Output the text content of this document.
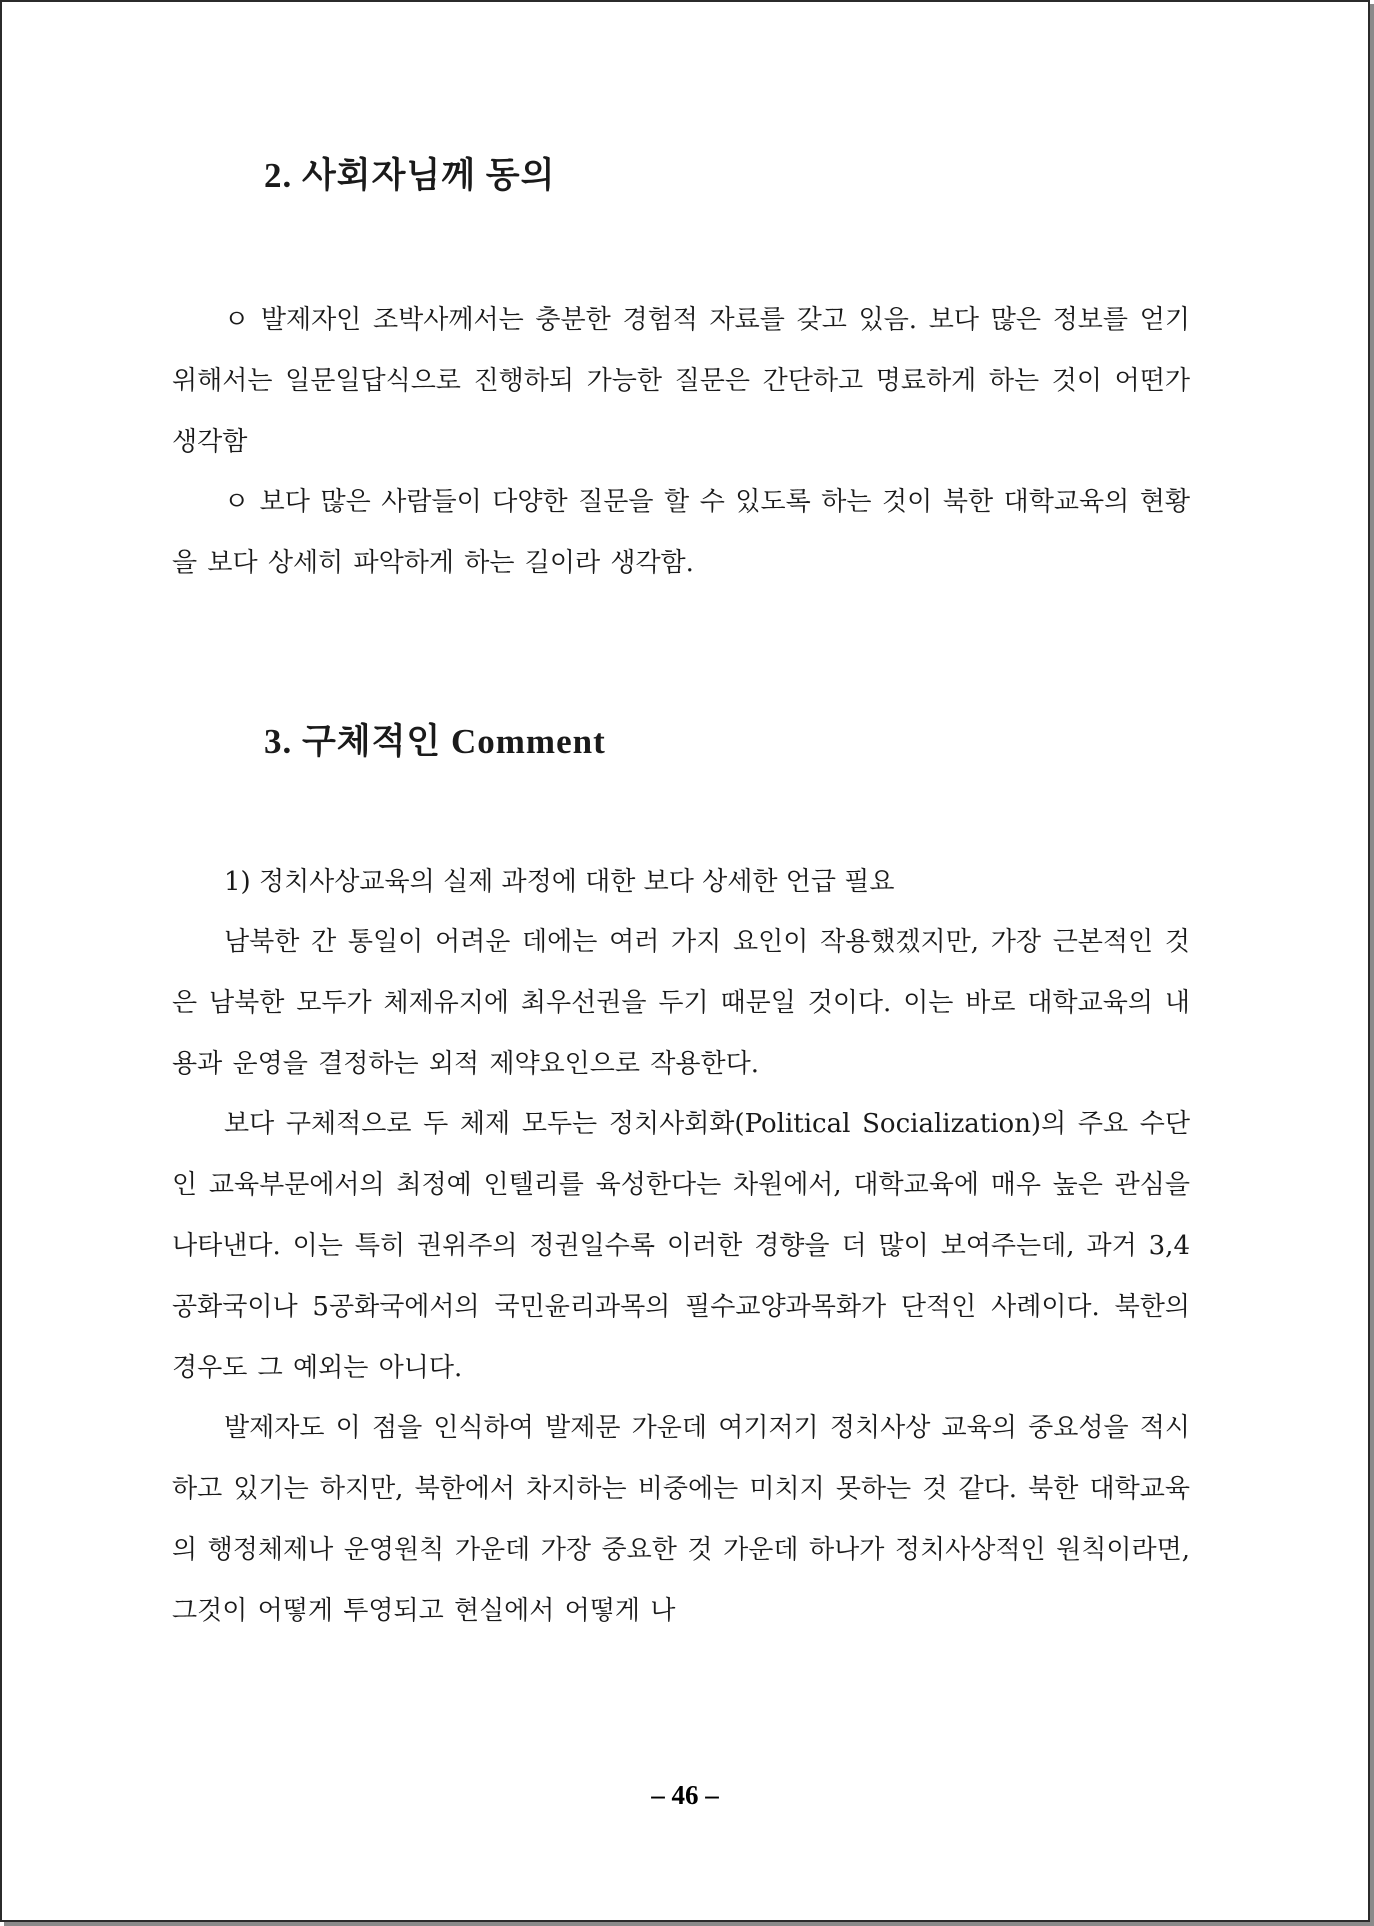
2. 사회자님께 동의
ㅇ 발제자인 조박사께서는 충분한 경험적 자료를 갖고 있음. 보다 많은 정보를 얻기 위해서는 일문일답식으로 진행하되 가능한 질문은 간단하고 명료하게 하는 것이 어떤가 생각함
ㅇ 보다 많은 사람들이 다양한 질문을 할 수 있도록 하는 것이 북한 대학교육의 현황을 보다 상세히 파악하게 하는 길이라 생각함.
3. 구체적인 Comment
1) 정치사상교육의 실제 과정에 대한 보다 상세한 언급 필요
남북한 간 통일이 어려운 데에는 여러 가지 요인이 작용했겠지만, 가장 근본적인 것은 남북한 모두가 체제유지에 최우선권을 두기 때문일 것이다. 이는 바로 대학교육의 내용과 운영을 결정하는 외적 제약요인으로 작용한다.
보다 구체적으로 두 체제 모두는 정치사회화(Political Socialization)의 주요 수단인 교육부문에서의 최정예 인텔리를 육성한다는 차원에서, 대학교육에 매우 높은 관심을 나타낸다. 이는 특히 권위주의 정권일수록 이러한 경향을 더 많이 보여주는데, 과거 3,4공화국이나 5공화국에서의 국민윤리과목의 필수교양과목화가 단적인 사례이다. 북한의 경우도 그 예외는 아니다.
발제자도 이 점을 인식하여 발제문 가운데 여기저기 정치사상 교육의 중요성을 적시하고 있기는 하지만, 북한에서 차지하는 비중에는 미치지 못하는 것 같다. 북한 대학교육의 행정체제나 운영원칙 가운데 가장 중요한 것 가운데 하나가 정치사상적인 원칙이라면, 그것이 어떻게 투영되고 현실에서 어떻게 나
– 46 –
